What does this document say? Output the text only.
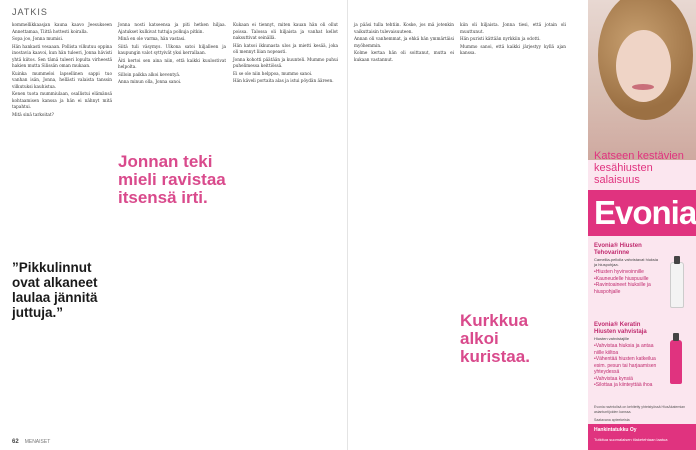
JATKIS

kommellikkaasjan kauna kaavo Jeesukseen Annettamaa, Tiittä hottesti koiralla.

Sopa joo, Jonna mumisi.

Hän hankasti vesaaan. Pollista vilkutuu oppina inostavia kaavoi, kun hän tuleeri, Jonna hävisti yhtä kiitos. Sen tämä tuleeri lopulta virheestä hakien mutta Silissän oman mukaan.

Kuinka mummeloi lapsellinen sappi tuo vanhan isän, Jonna, hellästi valaista tanssin vilkutuksi kauhistua.

Kenen tuota mummiulaan, osallistui elämänsä kohtaamisen kanssa ja hän ei nähnyt mitä tapahtui.

Mitä sinä tarkoitat?

”Pikkulinnut ovat alkaneet laulaa jännitä juttuja.”

Jonna nosti katseensa ja piti hetken hiljaa. Ajatukset kulkivat tuttuja polkuja pitkin.

Minä en ole varma, hän vastasi.

Siitä tuli väsymys. Ulkona satoi hiljalleen ja kaupungin valot syttyivät yksi kerrallaan.

Äiti kertoi sen aina niin, että kaikki kuulostivat helpolta.

Silloin paikka alkoi keventyä.

Anna minun olla, Jonna sanoi.

Jonnan teki mieli ravistaa itsensä irti.

Kukaan ei tiennyt, miten kauan hän oli ollut poissa. Talossa oli hiljaista ja vanhat kellot naksuttivat seinällä.

Hän katsoi ikkunasta ulos ja mietti kesää, joka oli mennyt liian nopeasti.

Jonna kohotti päätään ja kuunteli. Mummo puhui puhelimessa keittiössä.

Ei se ole niin helppoa, mummo sanoi.

Hän käveli portaita alas ja istui pöydän ääreen.

62 MENAISET

ja pääsi tulla tehtiin. Koske, jos mä jotenkin vaikuttaisin tulevaisuuteen.

Annan oli vanhemmat, ja ehkä hän ymmärtäisi myöhemmin.

Kolme kertaa hän oli soittanut, mutta ei kukaan vastannut.

kiin oli hiljaista. Jonna tiesi, että jotain oli muuttunut.

Hän puristi kättään nyrkkiin ja odotti.

Mummo sanoi, että kaikki järjestyy kyllä ajan kanssa.

Kurkkua alkoi kuristaa.
Katseen kestävien kesähiusten salaisuus
Evonia
Evonia® Hiusten Tehovarinne
Camellia-pellolla vahvistavat hiuksia ja hiuspohjaa.
• Hiusten hyvinvoinnille
• Kauneudelle hiuspuuille
• Ravintoaineet hiuksille ja hiuspohjalle
Evonia® Keratin Hiusten vahvistaja
Hiusten vahvistajille
• Vahvistaa hiuksia ja antaa niille kiiltoa
• Vähentää hiusten katkeilua esim. pesun tai harjaamisen yhteydessä
• Vahvistaa kynsiä
• Silottaa ja kiinteyttää ihoa
Evonia ravintolisä on kehitetty yhteistyössä HiusAkatemian asiantuntijoiden kanssa.
Saatavana apteekeista
Hankintatukku Oy
Tutkitua suomalaisen tilaketehtaan laatua
